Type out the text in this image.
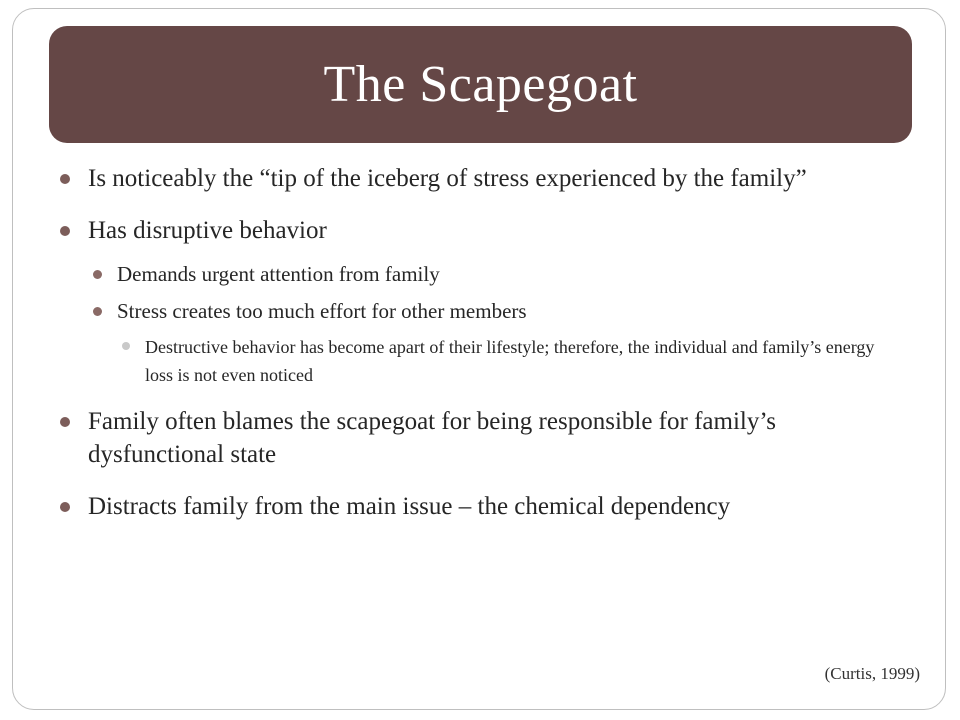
The Scapegoat
Is noticeably the “tip of the iceberg of stress experienced by the family”
Has disruptive behavior
Demands urgent attention from family
Stress creates too much effort for other members
Destructive behavior has become apart of their lifestyle; therefore, the individual and family’s energy loss is not even noticed
Family often blames the scapegoat for being responsible for family’s dysfunctional state
Distracts family from the main issue – the chemical dependency
(Curtis, 1999)
